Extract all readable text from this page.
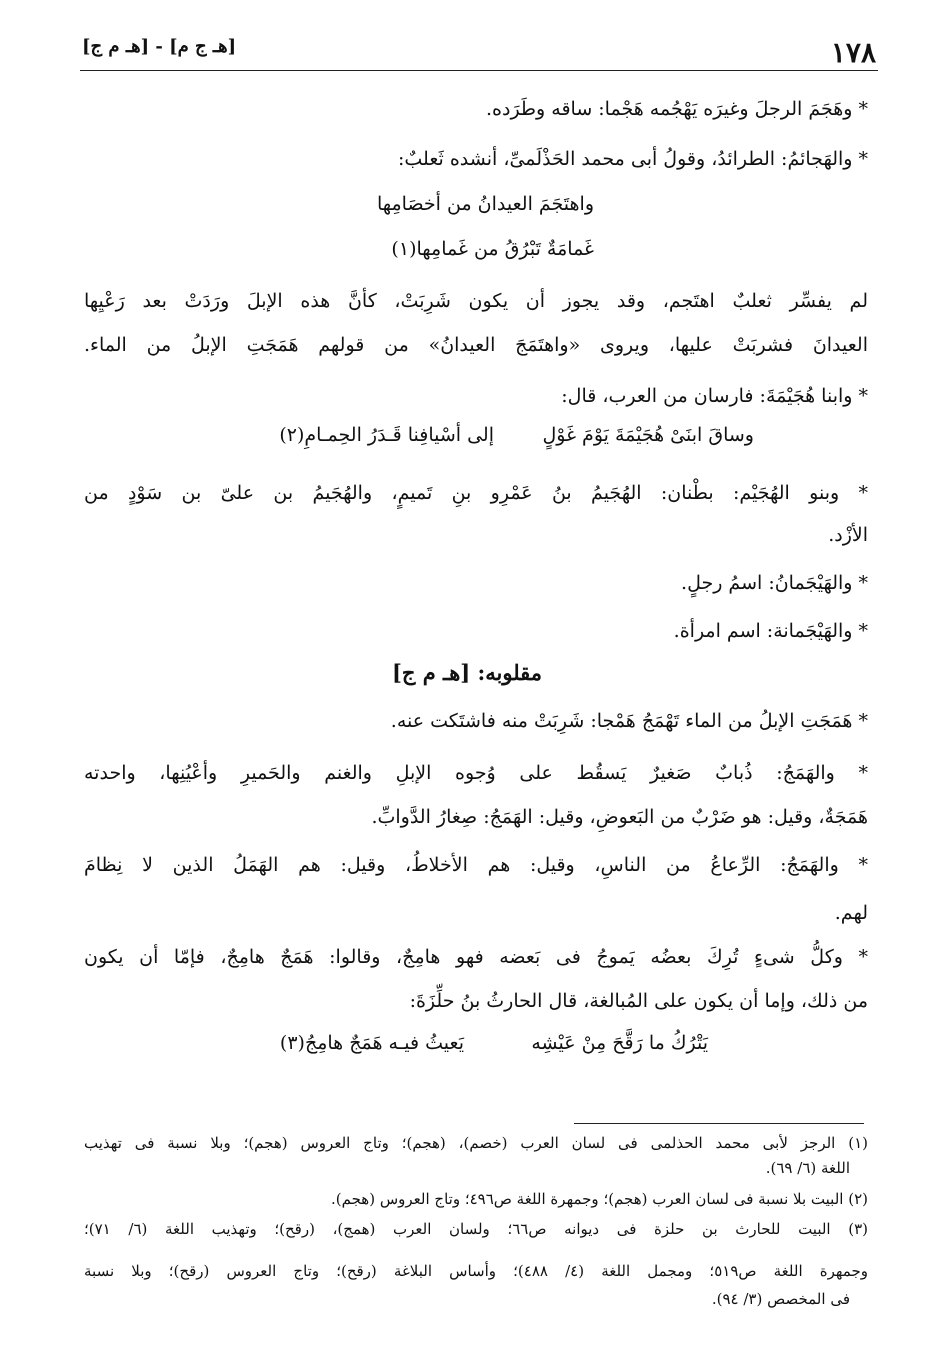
١٧٨
[هـ ج م] - [هـ م ج]
* وهَجَمَ الرجلَ وغيرَه يَهْجُمه هَجْما: ساقه وطَرَده.
* والهَجائمُ: الطرائدُ، وقولُ أبى محمد الحَذْلَمىِّ، أنشده ثَعلبٌ:
واهتَجَمَ العيدانُ من أخصَامِها
غَمامَةٌ تَبْرُقُ من غَمامِها(١)
لم يفسِّر ثعلبٌ اهتَجم، وقد يجوز أن يكون شَرِبَتْ، كأنَّ هذه الإبلَ ورَدَتْ بعد رَعْيِها
العيدانَ فشربَتْ عليها، ويروى «واهتَمَجَ العيدانُ» من قولهم هَمَجَتِ الإبلُ من الماء.
* وابنا هُجَيْمَةَ: فارسان من العرب، قال:
وساقَ ابنَىْ هُجَيْمَةَ يَوْمَ غَوْلٍ
إلى أسْيافِنا قَـدَرُ الحِمـامِ(٢)
* وبنو الهُجَيْم: بطْنان: الهُجَيمُ بنُ عَمْرِو بنِ تَميمٍ، والهُجَيمُ بن علىّ بن سَوْدٍ من
الأزْد.
* والهَيْجَمانُ: اسمُ رجلٍ.
* والهَيْجَمانة: اسم امرأة.
مقلوبه: [هـ م ج]
* هَمَجَتِ الإبلُ من الماء تَهْمَجُ هَمْجا: شَرِبَتْ منه فاشتَكت عنه.
* والهَمَجُ: ذُبابٌ صَغيرٌ يَسقُط على وُجوه الإبلِ والغنم والحَميرِ وأعْيُنِها، واحدته
هَمَجَةٌ، وقيل: هو ضَرْبٌ من البَعوضِ، وقيل: الهَمَجُ: صِغارُ الدَّوابِّ.
* والهَمَجُ: الرِّعاعُ من الناسِ، وقيل: هم الأخلاطُ، وقيل: هم الهَمَلُ الذين لا نِظامَ
لهم.
* وكلُّ شىءٍ تُرِكَ بعضُه يَموجُ فى بَعضه فهو هامِجٌ، وقالوا: هَمَجٌ هامِجٌ، فإمّا أن يكون
من ذلك، وإما أن يكون على المُبالغة، قال الحارثُ بنُ حلِّزَةَ:
يَتْرُكُ ما رَقَّحَ مِنْ عَيْشِه
يَعيثُ فيـه هَمَجٌ هامِجُ(٣)
(١) الرجز لأبى محمد الحذلمى فى لسان العرب (خصم)، (هجم)؛ وتاج العروس (هجم)؛ وبلا نسبة فى تهذيب
اللغة (٦/ ٦٩).
(٢) البيت بلا نسبة فى لسان العرب (هجم)؛ وجمهرة اللغة ص٤٩٦؛ وتاج العروس (هجم).
(٣) البيت للحارث بن حلزة فى ديوانه ص٦٦؛ ولسان العرب (همج)، (رقح)؛ وتهذيب اللغة (٦/ ٧١)؛
وجمهرة اللغة ص٥١٩؛ ومجمل اللغة (٤/ ٤٨٨)؛ وأساس البلاغة (رقح)؛ وتاج العروس (رقح)؛ وبلا نسبة
فى المخصص (٣/ ٩٤).
